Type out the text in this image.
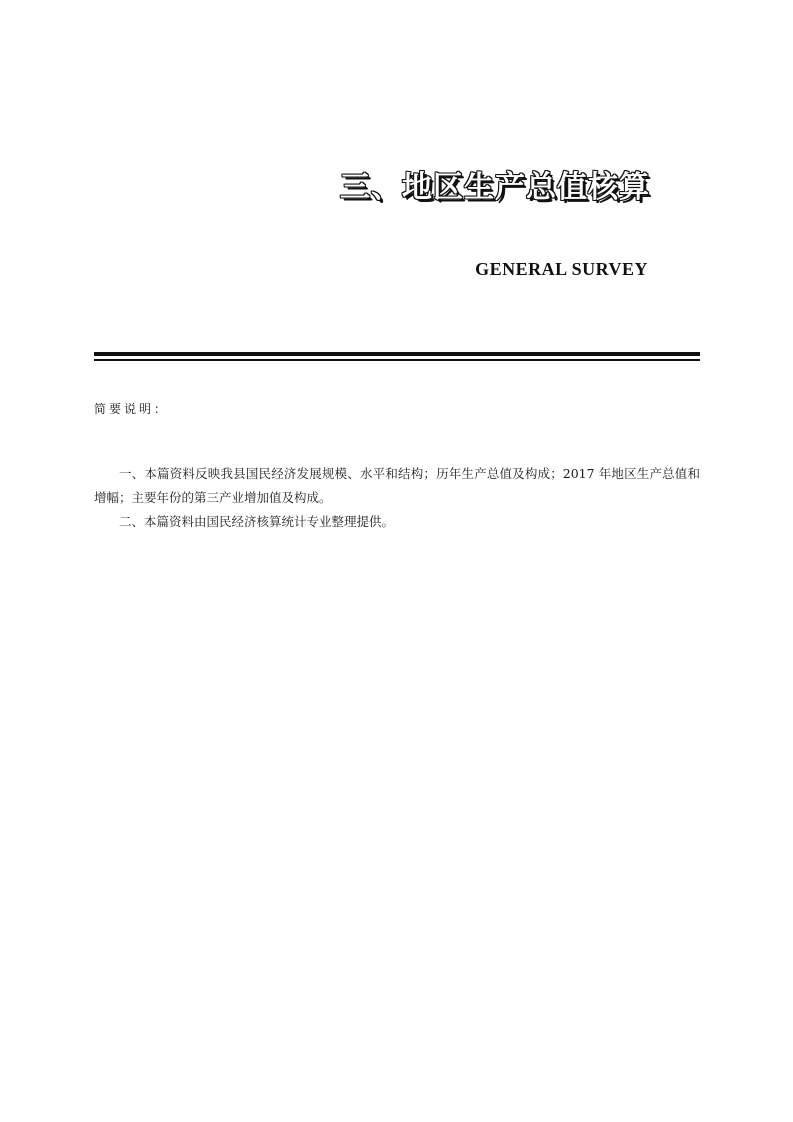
三、地区生产总值核算
GENERAL SURVEY
简要说明：

一、本篇资料反映我县国民经济发展规模、水平和结构；历年生产总值及构成；2017 年地区生产总值和增幅；主要年份的第三产业增加值及构成。

二、本篇资料由国民经济核算统计专业整理提供。
